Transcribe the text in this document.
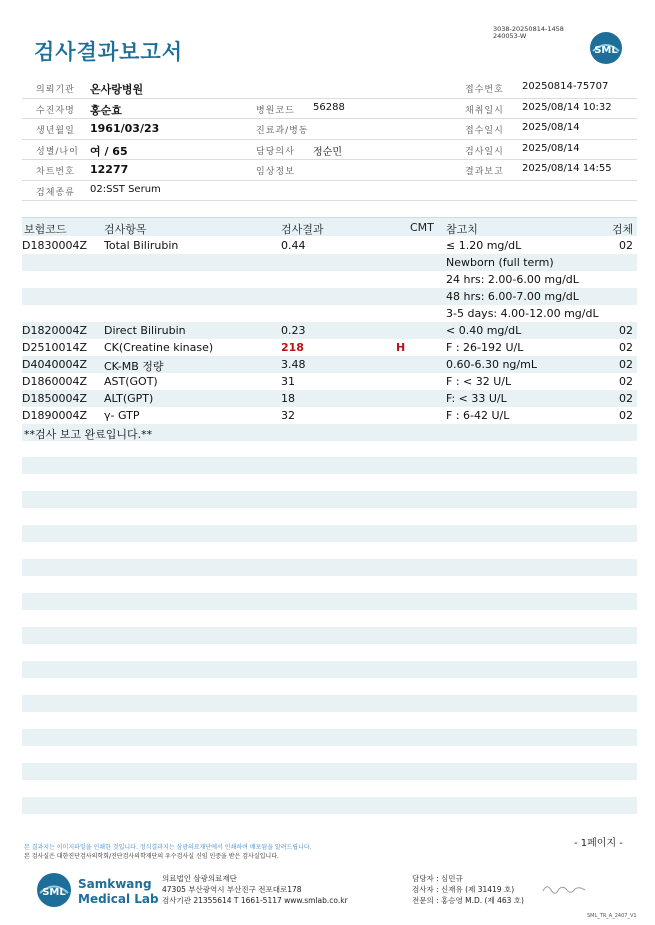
검사결과보고서
3038-20250814-1458
240053-W
SML
의뢰기관 온사랑병원	접수번호 20250814-75707
수진자명 홍순효	병원코드 56288	채취일시 2025/08/14 10:32
생년월일 1961/03/23	진료과/병동	접수일시 2025/08/14
성별/나이 여 / 65	담당의사 정순민	검사일시 2025/08/14
차트번호 12277	임상정보	결과보고 2025/08/14 14:55
검체종류 02:SST Serum
보험코드	검사항목	검사결과	CMT 참고치	검체
D1830004Z Total Bilirubin	0.44	≤ 1.20 mg/dL	02
Newborn (full term)
24 hrs: 2.00-6.00 mg/dL
48 hrs: 6.00-7.00 mg/dL
3-5 days: 4.00-12.00 mg/dL
D1820004Z Direct Bilirubin	0.23	< 0.40 mg/dL	02
D2510014Z CK(Creatine kinase)	218	H	F : 26-192 U/L	02
D4040004Z CK-MB 정량	3.48	0.60-6.30 ng/mL	02
D1860004Z AST(GOT)	31	F : < 32 U/L	02
D1850004Z ALT(GPT)	18	F: < 33 U/L	02
D1890004Z γ- GTP	32	F : 6-42 U/L	02
**검사 보고 완료입니다.**
- 1페이지 -
본 결과지는 이미지파일을 인쇄한 것입니다. 정식결과지는 삼광의료재단에서 인쇄하여 배포됨을 알려드립니다.
본 검사실은 대한진단검사의학회/진단검사의학재단의 우수검사실 신임 인증을 받은 검사실입니다.
SML
Samkwang
Medical Lab
의료법인 삼광의료재단
47305 부산광역시 부산진구 전포대로178
검사기관 21355614 T 1661-5117 www.smlab.co.kr
담당자 : 심민규
검사자 : 신재유 (제 31419 호)
전문의 : 홍승영 M.D. (제 463 호)
SML_TR_A_2407_V1
